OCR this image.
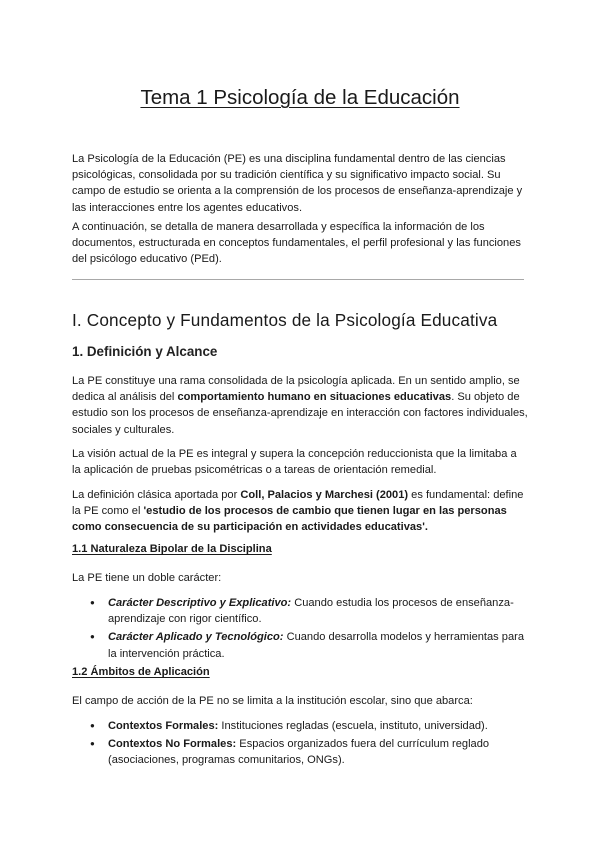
Tema 1 Psicología de la Educación

La Psicología de la Educación (PE) es una disciplina fundamental dentro de las ciencias psicológicas, consolidada por su tradición científica y su significativo impacto social. Su campo de estudio se orienta a la comprensión de los procesos de enseñanza-aprendizaje y las interacciones entre los agentes educativos.

A continuación, se detalla de manera desarrollada y específica la información de los documentos, estructurada en conceptos fundamentales, el perfil profesional y las funciones del psicólogo educativo (PEd).

I. Concepto y Fundamentos de la Psicología Educativa
1. Definición y Alcance

La PE constituye una rama consolidada de la psicología aplicada. En un sentido amplio, se dedica al análisis del comportamiento humano en situaciones educativas. Su objeto de estudio son los procesos de enseñanza-aprendizaje en interacción con factores individuales, sociales y culturales.

La visión actual de la PE es integral y supera la concepción reduccionista que la limitaba a la aplicación de pruebas psicométricas o a tareas de orientación remedial.

La definición clásica aportada por Coll, Palacios y Marchesi (2001) es fundamental: define la PE como el 'estudio de los procesos de cambio que tienen lugar en las personas como consecuencia de su participación en actividades educativas'.

1.1 Naturaleza Bipolar de la Disciplina

La PE tiene un doble carácter:

● Carácter Descriptivo y Explicativo: Cuando estudia los procesos de enseñanza-aprendizaje con rigor científico.
● Carácter Aplicado y Tecnológico: Cuando desarrolla modelos y herramientas para la intervención práctica.
1.2 Ámbitos de Aplicación

El campo de acción de la PE no se limita a la institución escolar, sino que abarca:

● Contextos Formales: Instituciones regladas (escuela, instituto, universidad).
● Contextos No Formales: Espacios organizados fuera del currículum reglado (asociaciones, programas comunitarios, ONGs).
